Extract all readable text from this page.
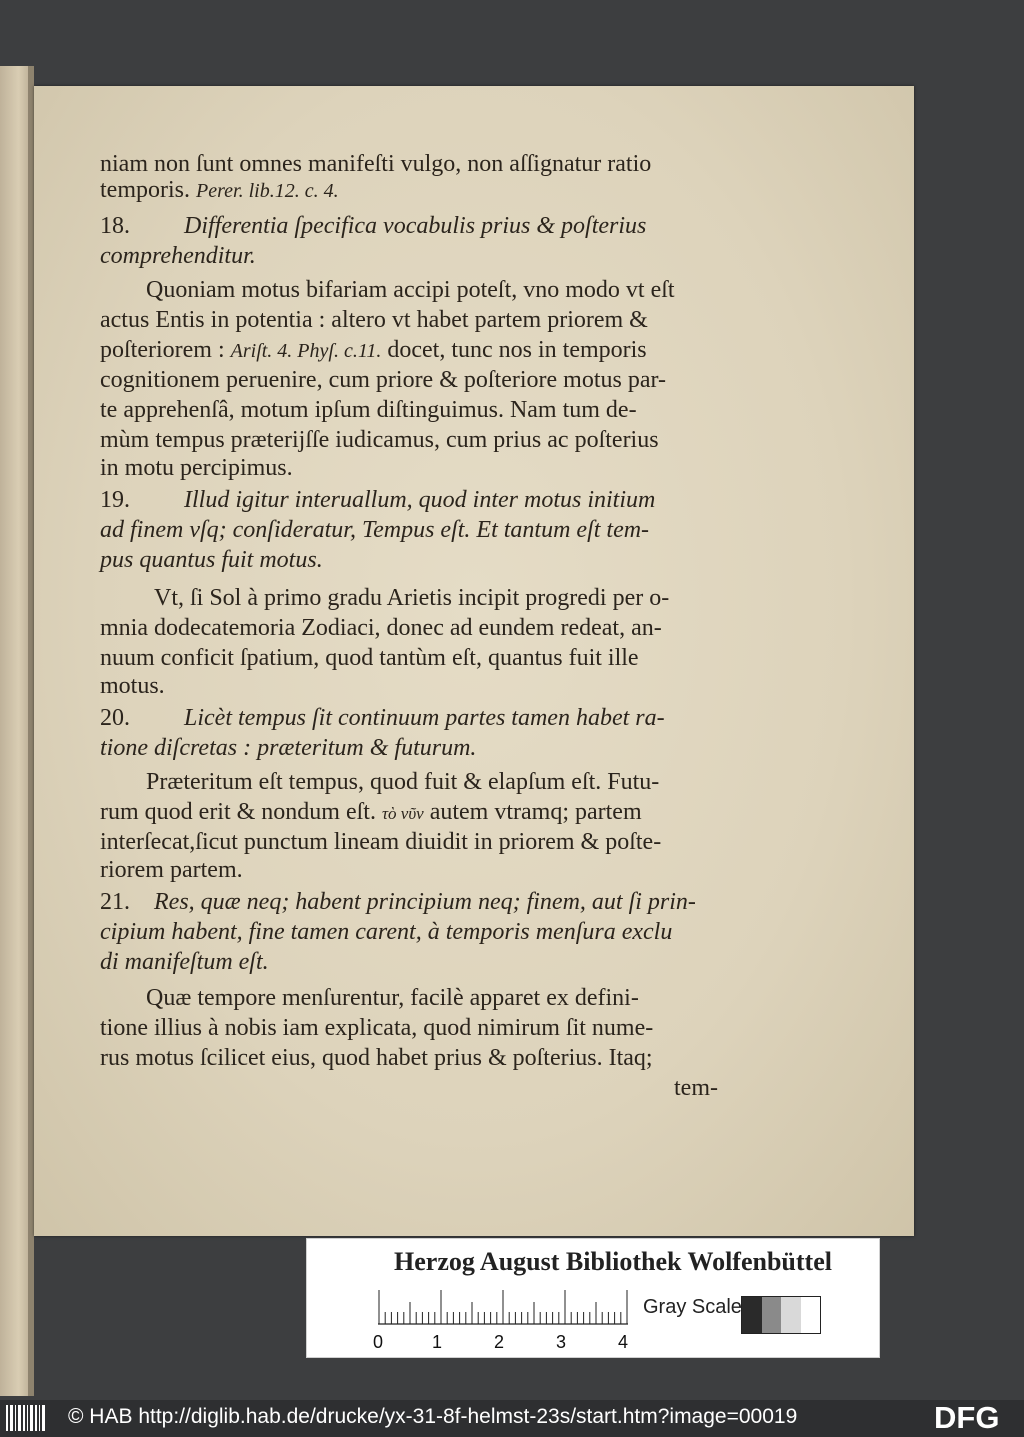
niam non ſunt omnes manifeſti vulgo, non aſſignatur ratio
temporis. Perer. lib.12. c. 4.
18. Differentia ſpecifica vocabulis prius & poſterius
comprehenditur.
Quoniam motus bifariam accipi poteſt, vno modo vt eſt
actus Entis in potentia : altero vt habet partem priorem &
poſteriorem : Ariſt. 4. Phyſ. c.11. docet, tunc nos in temporis
cognitionem peruenire, cum priore & poſteriore motus par-
te apprehenſâ, motum ipſum diſtinguimus. Nam tum de-
mùm tempus præterijſſe iudicamus, cum prius ac poſterius
in motu percipimus.
19. Illud igitur interuallum, quod inter motus initium
ad finem vſq; conſideratur, Tempus eſt. Et tantum eſt tem-
pus quantus fuit motus.
Vt, ſi Sol à primo gradu Arietis incipit progredi per o-
mnia dodecatemoria Zodiaci, donec ad eundem redeat, an-
nuum conficit ſpatium, quod tantùm eſt, quantus fuit ille
motus.
20. Licèt tempus ſit continuum partes tamen habet ra-
tione diſcretas : præteritum & futurum.
Præteritum eſt tempus, quod fuit & elapſum eſt. Futu-
rum quod erit & nondum eſt. τὸ νῦν autem vtramq; partem
interſecat,ſicut punctum lineam diuidit in priorem & poſte-
riorem partem.
21. Res, quæ neq; habent principium neq; finem, aut ſi prin-
cipium habent, fine tamen carent, à temporis menſura exclu
di manifeſtum eſt.
Quæ tempore menſurentur, facilè apparet ex defini-
tione illius à nobis iam explicata, quod nimirum ſit nume-
rus motus ſcilicet eius, quod habet prius & poſterius. Itaq;
tem-
Herzog August Bibliothek Wolfenbüttel
0	1	2	3	4
Gray Scale
© HAB http://diglib.hab.de/drucke/yx-31-8f-helmst-23s/start.htm?image=00019	DFG
